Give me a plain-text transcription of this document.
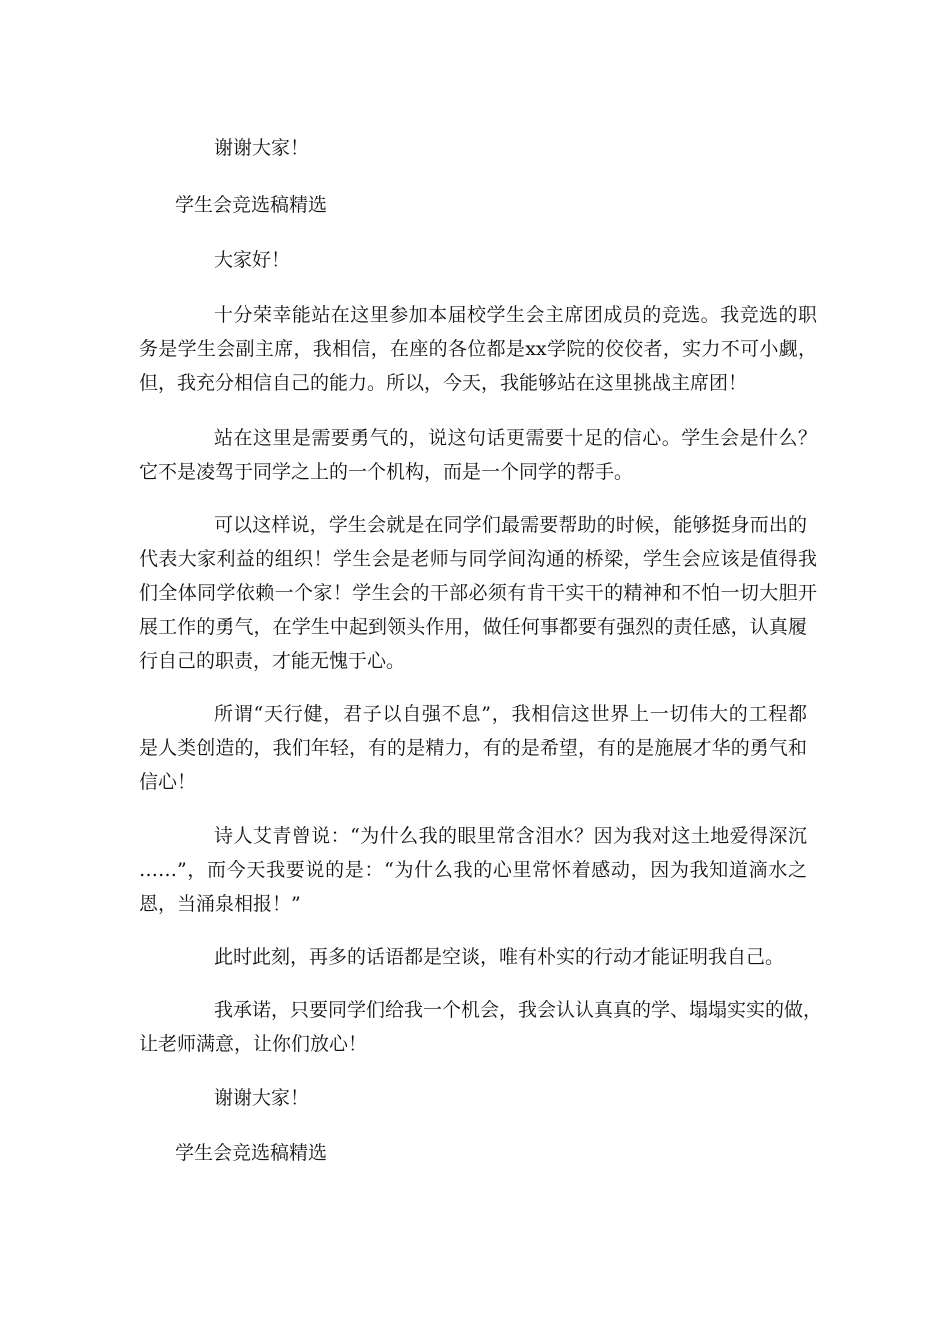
谢谢大家！

学生会竞选稿精选

大家好！

十分荣幸能站在这里参加本届校学生会主席团成员的竞选。我竞选的职

务是学生会副主席，我相信，在座的各位都是xx学院的佼佼者，实力不可小觑，

但，我充分相信自己的能力。所以，今天，我能够站在这里挑战主席团！

站在这里是需要勇气的，说这句话更需要十足的信心。学生会是什么？

它不是凌驾于同学之上的一个机构，而是一个同学的帮手。

可以这样说，学生会就是在同学们最需要帮助的时候，能够挺身而出的

代表大家利益的组织！学生会是老师与同学间沟通的桥梁，学生会应该是值得我

们全体同学依赖一个家！学生会的干部必须有肯干实干的精神和不怕一切大胆开

展工作的勇气，在学生中起到领头作用，做任何事都要有强烈的责任感，认真履

行自己的职责，才能无愧于心。

所谓“天行健，君子以自强不息”，我相信这世界上一切伟大的工程都

是人类创造的，我们年轻，有的是精力，有的是希望，有的是施展才华的勇气和

信心！

诗人艾青曾说：“为什么我的眼里常含泪水？因为我对这土地爱得深沉

……”，而今天我要说的是：“为什么我的心里常怀着感动，因为我知道滴水之

恩，当涌泉相报！”

此时此刻，再多的话语都是空谈，唯有朴实的行动才能证明我自己。

我承诺，只要同学们给我一个机会，我会认认真真的学、塌塌实实的做，

让老师满意，让你们放心！

谢谢大家！

学生会竞选稿精选
